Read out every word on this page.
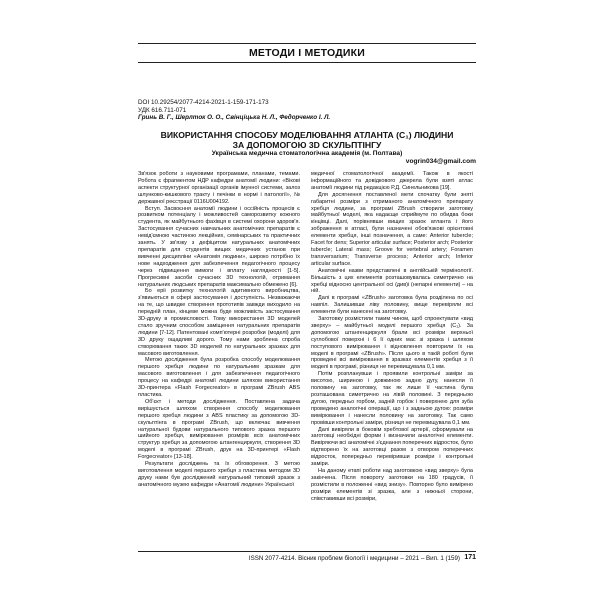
МЕТОДИ І МЕТОДИКИ
DOI 10.29254/2077-4214-2021-1-159-171-173
УДК 616.711-071
Гринь В. Г., Шерлток О. О., Свінціцька Н. Л., Федорченко І. Л.
ВИКОРИСТАННЯ СПОСОБУ МОДЕЛЮВАННЯ АТЛАНТА (C₁) ЛЮДИНИ
ЗА ДОПОМОГОЮ 3D СКУЛЬПТІНГУ
Українська медична стоматологічна академія (м. Полтава)
vogrin034@gmail.com

Зв'язок роботи з науковими програмами, планами, темами. Робота є фрагментом НДР кафедри анатомії людини: «Вікові аспекти структурної організації органів імунної системи, залоз шлунково-кишкового тракту і печінки в нормі і патології», № державної реєстрації 0116U004192.

Вступ. Засвоєння анатомії людини і оссійність процесів є розвитком потенціалу і можливостей саморозвитку кожного студента, як майбутнього фахівця в системі охорони здоров'я. Застосування сучасних навчальних анатомічних препаратів є невід'ємною частиною лекційних, семінарських та практичних занять. У зв'язку з дефіцитом натуральних анатомічних препаратів для студентів вищих медичних установ при вивченні дисципліни «Анатомія людини», широко потрібно їх нове надходження для забезпечення педагогічного процесу через підвищення вимоги і вплату наглядності [1-5]. Прогресивні засоби сучасних 3D технологій, отримання натуральних людських препаратів максимально обмежено [6].

Бо еріі розвитку технологій адитивного виробництва, з'явиьються в сфері застосування і доступність. Незважаючи на те, що швидке створення прототипів завжди виходило на передній план, кінцеве можна буде можливість застосування 3D-друку в промисловості. Тому використання 3D моделей стало зручним способом заміщення натуральних препаратів людини [7-12]. Патентовані комп'ютерні розробки (моделі) для 3D друку ощадливі дорого. Тому нами зроблена спроба створювання таких 3D моделей по натуральних зразках для масового виготовлення.

Метою дослідження була розробка способу моделювання першого хребця людини по натуральним зразкам для масового виготовлення і для забезпечення педагогічного процесу на кафедрі анатомії людини шляхом використання 3D-принтера «Flash Forgecreator» в програмі ZBrush ABS пластика.

Об'єкт і методи дослідження. Поставлена задача вирішується шляхом створення способу моделювання першого хребця людини з ABS пластику за допомогою 3D-скульптінга в програмі ZBrush, що включає вивчення натуральної будови натурального типового зразка першого шийного хребця, вимірювання розмірів всіх анатомічних структур хребця за допомогою штангенциркуля, створення 3D моделі в програмі ZBrush, друк на 3D-принтері «Flash Forgecreator» [13-18].

Результати досліджень та їх обговорення. З метою виготовлення моделі першого хребця з пластика методом 3D друку нами був досліджений натуральний типовий зразок з анатомічного музею кафедри «Анатомії людини» Української

медичної стоматологічної академії. Також в якості інформаційного та довідкового джерела були взяті атлас анатомії людини під редакцією Р.Д. Синельникова [19].

Для досягнення поставленої мети спочатку були зняті габаритні розміри з отриманого анатомічного препарату хребця людини, за програмі ZBrush створили заготовку майбутньої моделі, яка надаєще сприймуте по обидва боки кінцівці. Далі, порівнявши вищих зразок атланта і його зображення в атласі, були назначені обов'язкові орієнтовні елементи хребця, інші позначення, а саме: Anterior tubercle; Facet for dens; Superior articular surface; Posterior arch; Posterior tubercle; Lateral mass; Groove for vertebral artery; Foramen transversarium; Transverse process; Anterior arch; Inferior articular surface.

Анатомічні назви представлені в англійській термінології. Більшість з цих елементів розташовувалась симетрично на хребці відносно центральної осі (див)і (непарні елементи) – на ній.

Далі в програмі «ZBrush» заготовка була розділена по осі навпіл. Залишивши ліву половину, вище перевіряли всі елементи були нанесені на заготовку.

Заготовку розмістили таким чином, щоб спроектувати «вид зверху» – майбутньої моделі першого хребця (C₁). За допомогою штангенциркуля брали всі розміри верхньої суглобової поверхні і 6 її одних мас зі зразка і шляхом поступового вимірювання і відновлення повторили їх на моделі в програмі «ZBrush». Після цього в такій роботі були проведені всі вимірювання в зразках елементів хребця з її моделі в програмі, різниця не перевищувала 0,1 мм.

Потім розпланувши і проявили контрольні заміри за висотою, шириною і довжиною задню дугу, нанесли її половину на заготовку, так як лише її частина була розташована симетрично на лівій половині. З передньою дугою, передньо горбом, задній горбок і поверхнею для зуба проведено аналогічні операції, що і з задньою дугою: розміри вимірювання і нанесли половину на заготовку. Так само провівши контрольні заміри, різниця не перевищувала 0,1 мм.

Далі вивіряли в боковім хребтової артерії, сформували на заготовці необхідні форми і визначили аналогічні елементи. Вивіряючи всі анатомічні з'єднання поперечних відросток, було відтворено їх на заготовці разом з отвором поперечних відросток, попередньо перевіривши розміри і контрольні заміри.

На даному етапі роботи над заготовкою «вид зверху» була закінчена. Після повороту заготовки на 180 градусів, її розмістили в положенні «вид знизу». Повторно було вимірено розміри елементів зі зразка, але з нижньої сторони, співставивши всі розміри,

ISSN 2077-4214. Вісник проблем біології і медицини – 2021 – Вип. 1 (159) 171
